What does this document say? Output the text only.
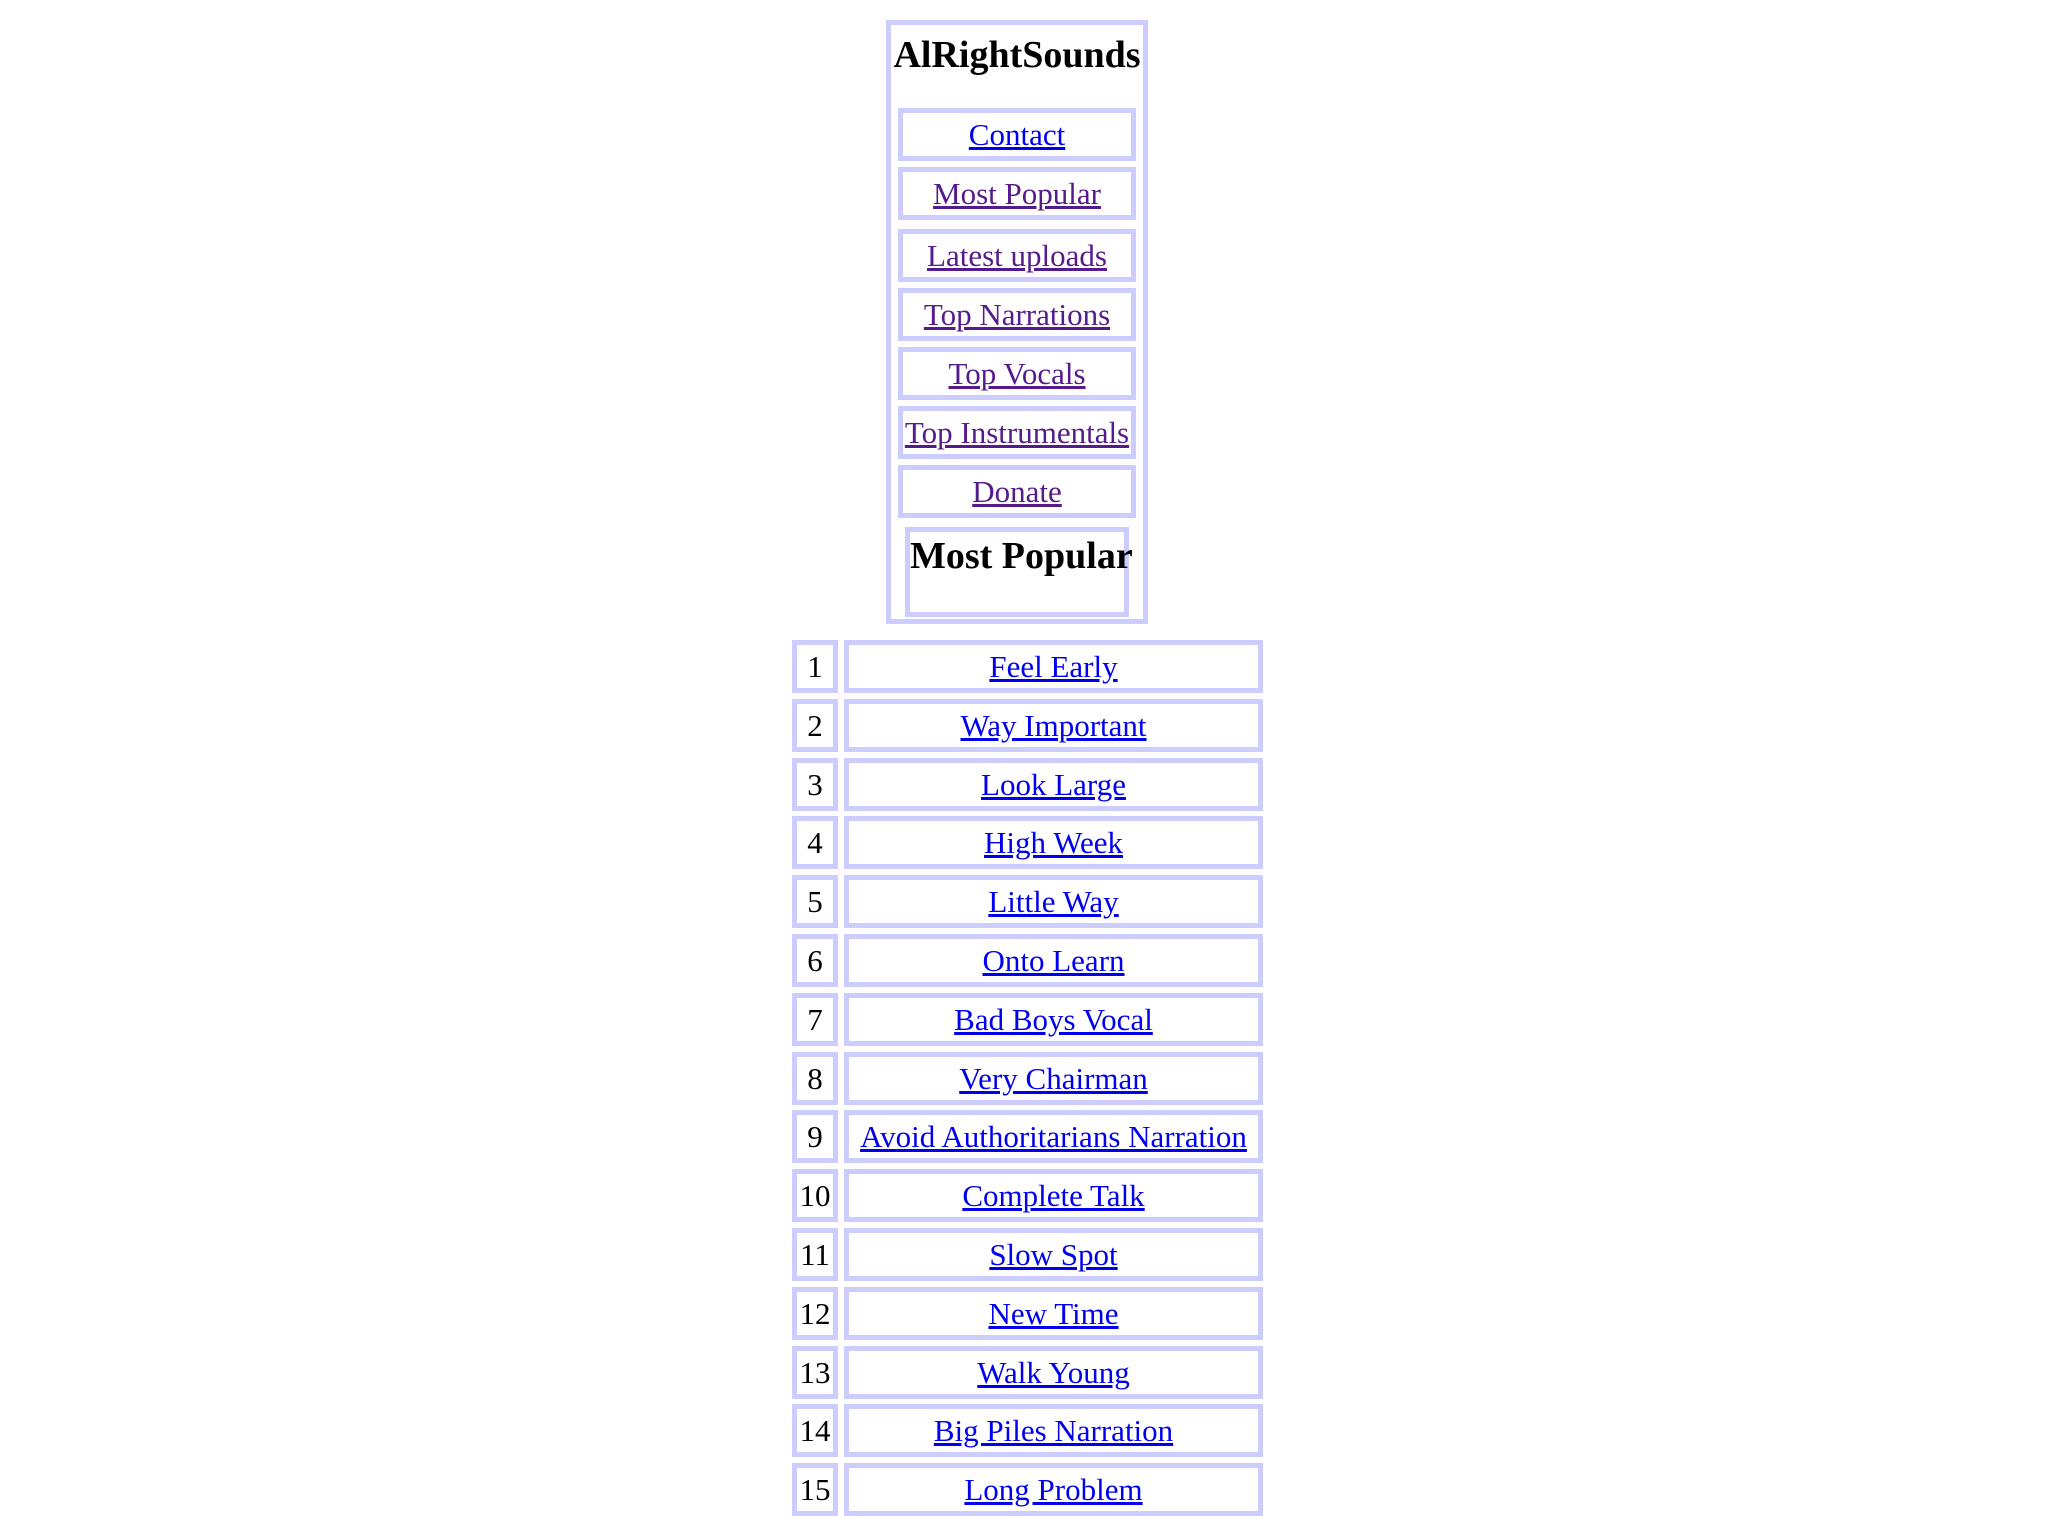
AlRightSounds
Contact
Most Popular
Latest uploads
Top Narrations
Top Vocals
Top Instrumentals
Donate
Most Popular
1	Feel Early
2	Way Important
3	Look Large
4	High Week
5	Little Way
6	Onto Learn
7	Bad Boys Vocal
8	Very Chairman
9	Avoid Authoritarians Narration
10	Complete Talk
11	Slow Spot
12	New Time
13	Walk Young
14	Big Piles Narration
15	Long Problem
